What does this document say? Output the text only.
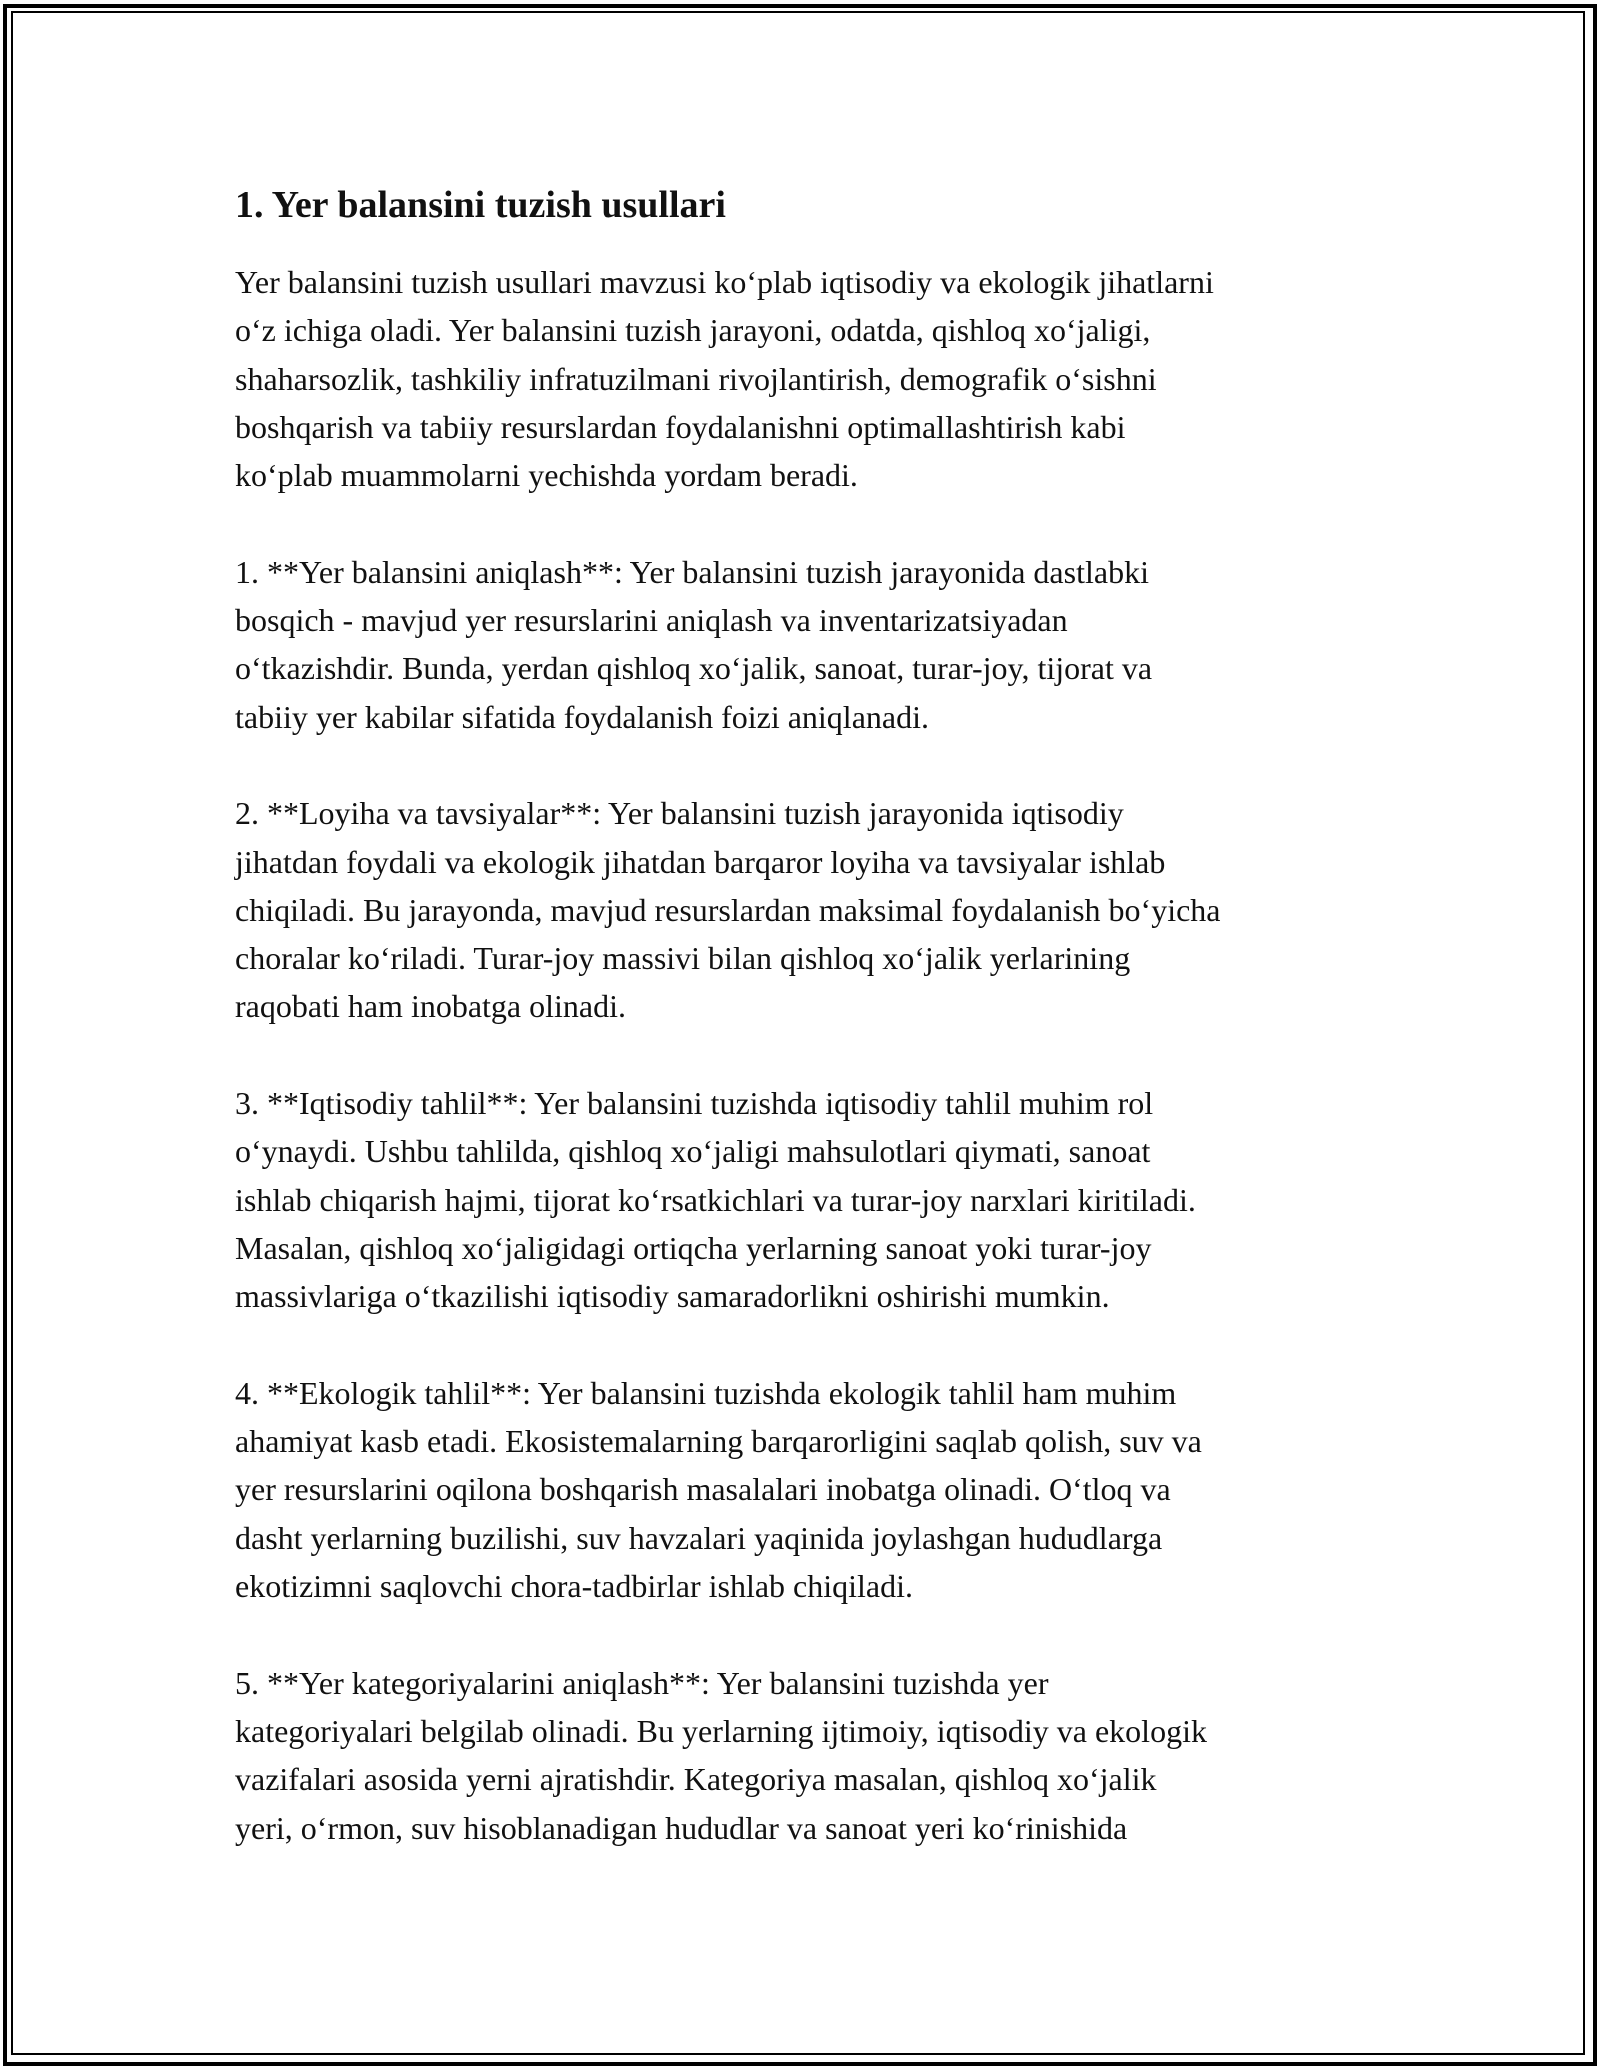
1. Yer balansini tuzish usullari
Yer balansini tuzish usullari mavzusi ko‘plab iqtisodiy va ekologik jihatlarni
o‘z ichiga oladi. Yer balansini tuzish jarayoni, odatda, qishloq xo‘jaligi,
shaharsozlik, tashkiliy infratuzilmani rivojlantirish, demografik o‘sishni
boshqarish va tabiiy resurslardan foydalanishni optimallashtirish kabi
ko‘plab muammolarni yechishda yordam beradi.
1. **Yer balansini aniqlash**: Yer balansini tuzish jarayonida dastlabki
bosqich - mavjud yer resurslarini aniqlash va inventarizatsiyadan
o‘tkazishdir. Bunda, yerdan qishloq xo‘jalik, sanoat, turar-joy, tijorat va
tabiiy yer kabilar sifatida foydalanish foizi aniqlanadi.
2. **Loyiha va tavsiyalar**: Yer balansini tuzish jarayonida iqtisodiy
jihatdan foydali va ekologik jihatdan barqaror loyiha va tavsiyalar ishlab
chiqiladi. Bu jarayonda, mavjud resurslardan maksimal foydalanish bo‘yicha
choralar ko‘riladi. Turar-joy massivi bilan qishloq xo‘jalik yerlarining
raqobati ham inobatga olinadi.
3. **Iqtisodiy tahlil**: Yer balansini tuzishda iqtisodiy tahlil muhim rol
o‘ynaydi. Ushbu tahlilda, qishloq xo‘jaligi mahsulotlari qiymati, sanoat
ishlab chiqarish hajmi, tijorat ko‘rsatkichlari va turar-joy narxlari kiritiladi.
Masalan, qishloq xo‘jaligidagi ortiqcha yerlarning sanoat yoki turar-joy
massivlariga o‘tkazilishi iqtisodiy samaradorlikni oshirishi mumkin.
4. **Ekologik tahlil**: Yer balansini tuzishda ekologik tahlil ham muhim
ahamiyat kasb etadi. Ekosistemalarning barqarorligini saqlab qolish, suv va
yer resurslarini oqilona boshqarish masalalari inobatga olinadi. O‘tloq va
dasht yerlarning buzilishi, suv havzalari yaqinida joylashgan hududlarga
ekotizimni saqlovchi chora-tadbirlar ishlab chiqiladi.
5. **Yer kategoriyalarini aniqlash**: Yer balansini tuzishda yer
kategoriyalari belgilab olinadi. Bu yerlarning ijtimoiy, iqtisodiy va ekologik
vazifalari asosida yerni ajratishdir. Kategoriya masalan, qishloq xo‘jalik
yeri, o‘rmon, suv hisoblanadigan hududlar va sanoat yeri ko‘rinishida
